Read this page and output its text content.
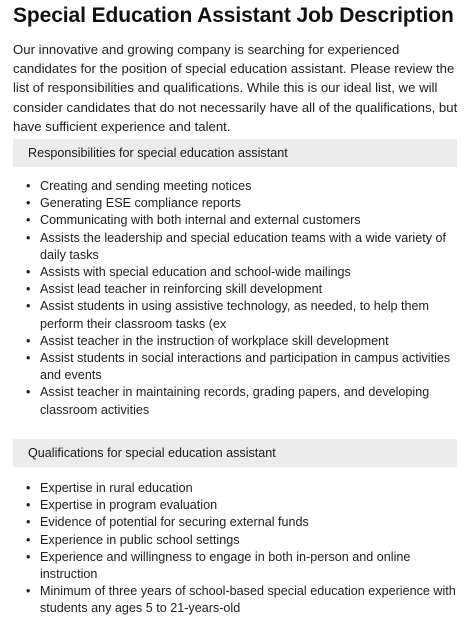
Special Education Assistant Job Description

Our innovative and growing company is searching for experienced candidates for the position of special education assistant. Please review the list of responsibilities and qualifications. While this is our ideal list, we will consider candidates that do not necessarily have all of the qualifications, but have sufficient experience and talent.

Responsibilities for special education assistant
• Creating and sending meeting notices
• Generating ESE compliance reports
• Communicating with both internal and external customers
• Assists the leadership and special education teams with a wide variety of daily tasks
• Assists with special education and school-wide mailings
• Assist lead teacher in reinforcing skill development
• Assist students in using assistive technology, as needed, to help them perform their classroom tasks (ex
• Assist teacher in the instruction of workplace skill development
• Assist students in social interactions and participation in campus activities and events
• Assist teacher in maintaining records, grading papers, and developing classroom activities
Qualifications for special education assistant
• Expertise in rural education
• Expertise in program evaluation
• Evidence of potential for securing external funds
• Experience in public school settings
• Experience and willingness to engage in both in-person and online instruction
• Minimum of three years of school-based special education experience with students any ages 5 to 21-years-old
